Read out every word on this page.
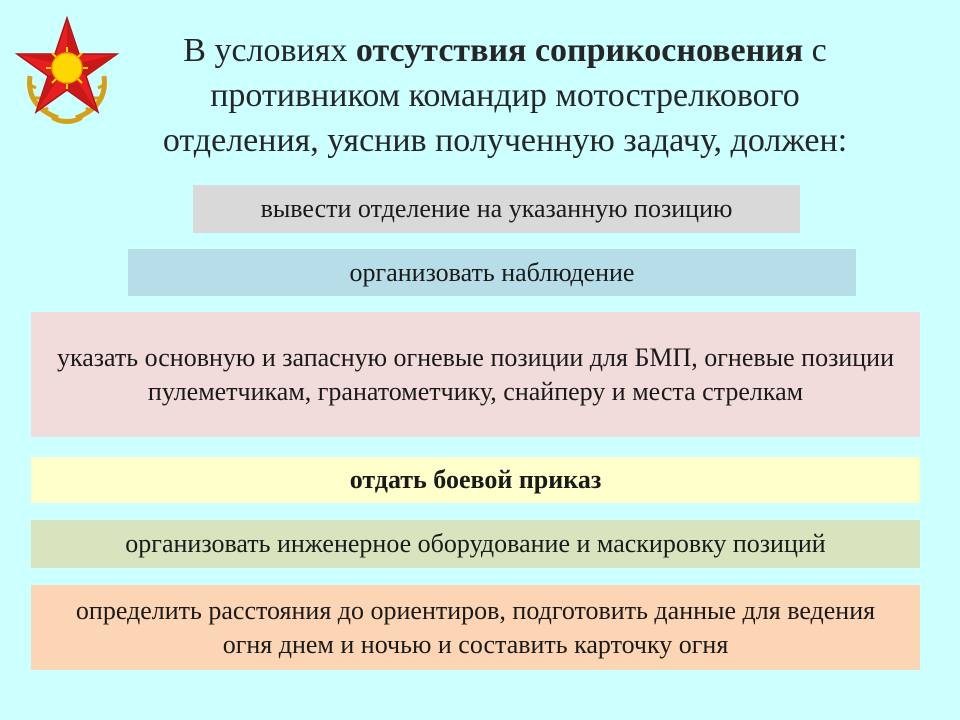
В условиях отсутствия соприкосновения с противником командир мотострелкового отделения, уяснив полученную задачу, должен:
вывести отделение на указанную позицию
организовать наблюдение
указать основную и запасную огневые позиции для БМП, огневые позиции пулеметчикам, гранатометчику, снайперу и места стрелкам
отдать боевой приказ
организовать инженерное оборудование и маскировку позиций
определить расстояния до ориентиров, подготовить данные для ведения огня днем и ночью и составить карточку огня
